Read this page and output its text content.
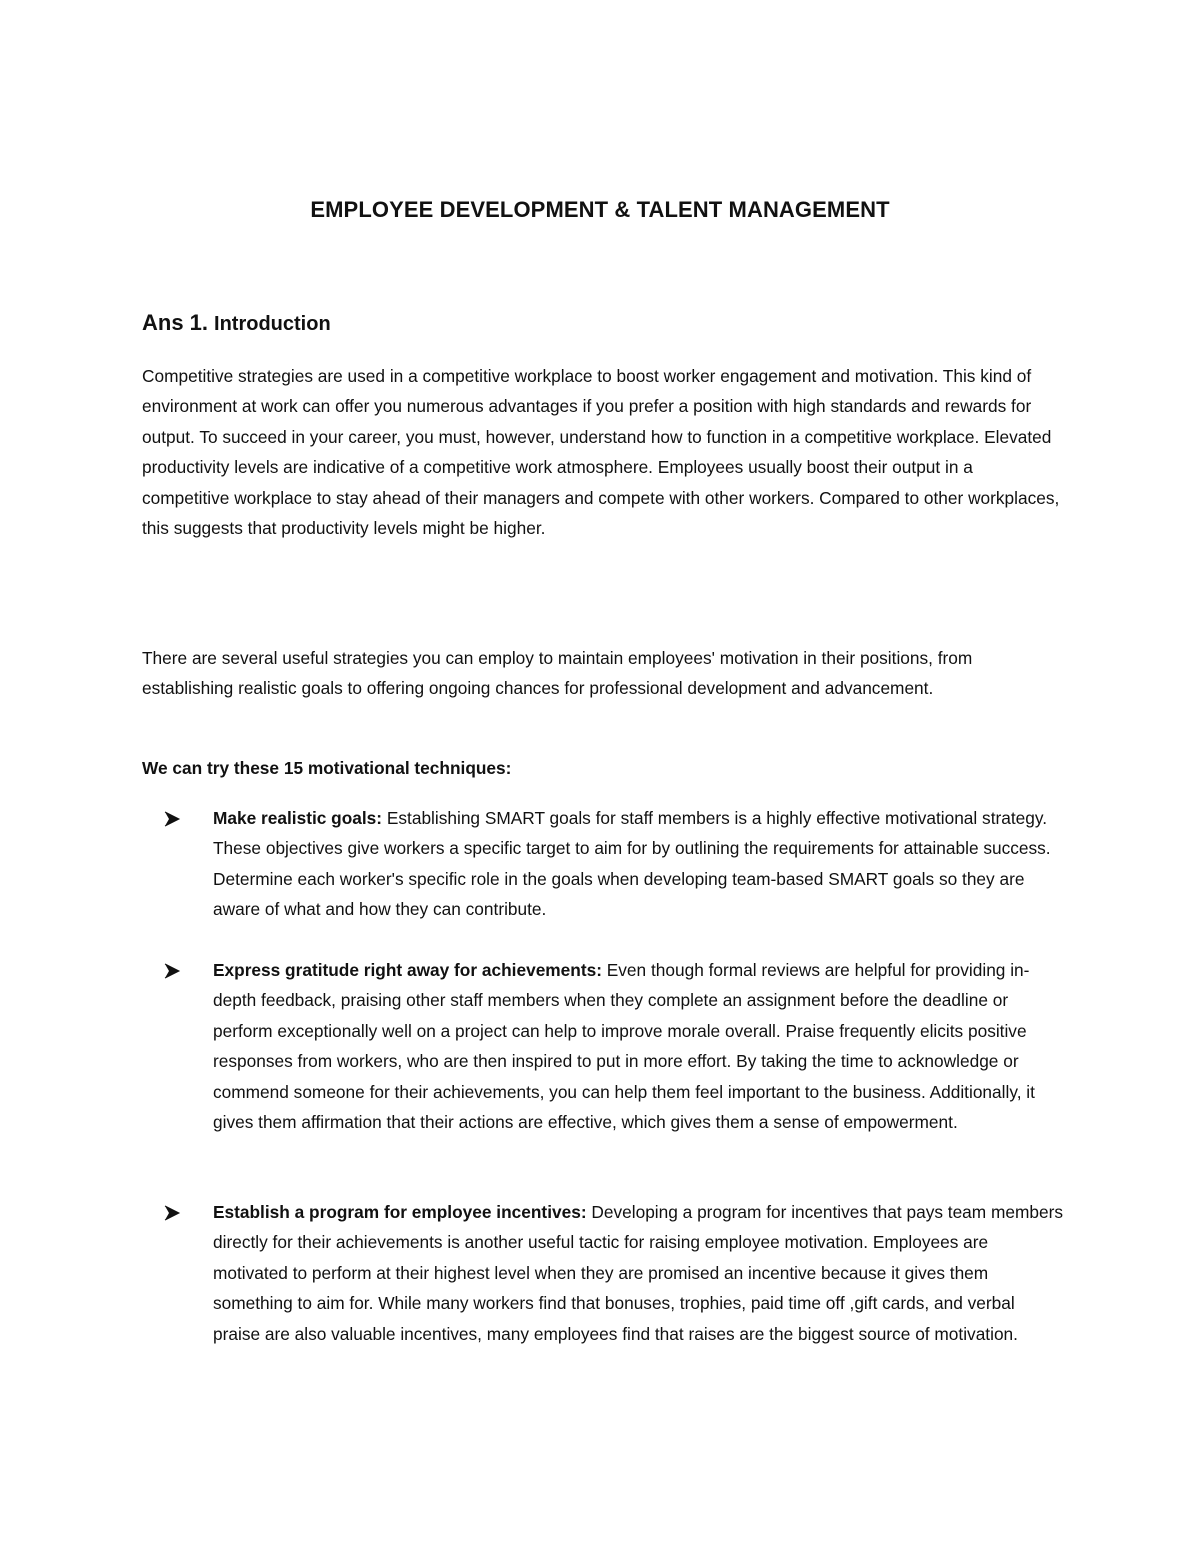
EMPLOYEE DEVELOPMENT & TALENT MANAGEMENT
Ans 1. Introduction

Competitive strategies are used in a competitive workplace to boost worker engagement and motivation. This kind of environment at work can offer you numerous advantages if you prefer a position with high standards and rewards for output. To succeed in your career, you must, however, understand how to function in a competitive workplace. Elevated productivity levels are indicative of a competitive work atmosphere. Employees usually boost their output in a competitive workplace to stay ahead of their managers and compete with other workers. Compared to other workplaces, this suggests that productivity levels might be higher.

There are several useful strategies you can employ to maintain employees' motivation in their positions, from establishing realistic goals to offering ongoing chances for professional development and advancement.

We can try these 15 motivational techniques:

Make realistic goals: Establishing SMART goals for staff members is a highly effective motivational strategy. These objectives give workers a specific target to aim for by outlining the requirements for attainable success. Determine each worker's specific role in the goals when developing team-based SMART goals so they are aware of what and how they can contribute.

Express gratitude right away for achievements: Even though formal reviews are helpful for providing in-depth feedback, praising other staff members when they complete an assignment before the deadline or perform exceptionally well on a project can help to improve morale overall. Praise frequently elicits positive responses from workers, who are then inspired to put in more effort. By taking the time to acknowledge or commend someone for their achievements, you can help them feel important to the business. Additionally, it gives them affirmation that their actions are effective, which gives them a sense of empowerment.

Establish a program for employee incentives: Developing a program for incentives that pays team members directly for their achievements is another useful tactic for raising employee motivation. Employees are motivated to perform at their highest level when they are promised an incentive because it gives them something to aim for. While many workers find that bonuses, trophies, paid time off ,gift cards, and verbal praise are also valuable incentives, many employees find that raises are the biggest source of motivation.
